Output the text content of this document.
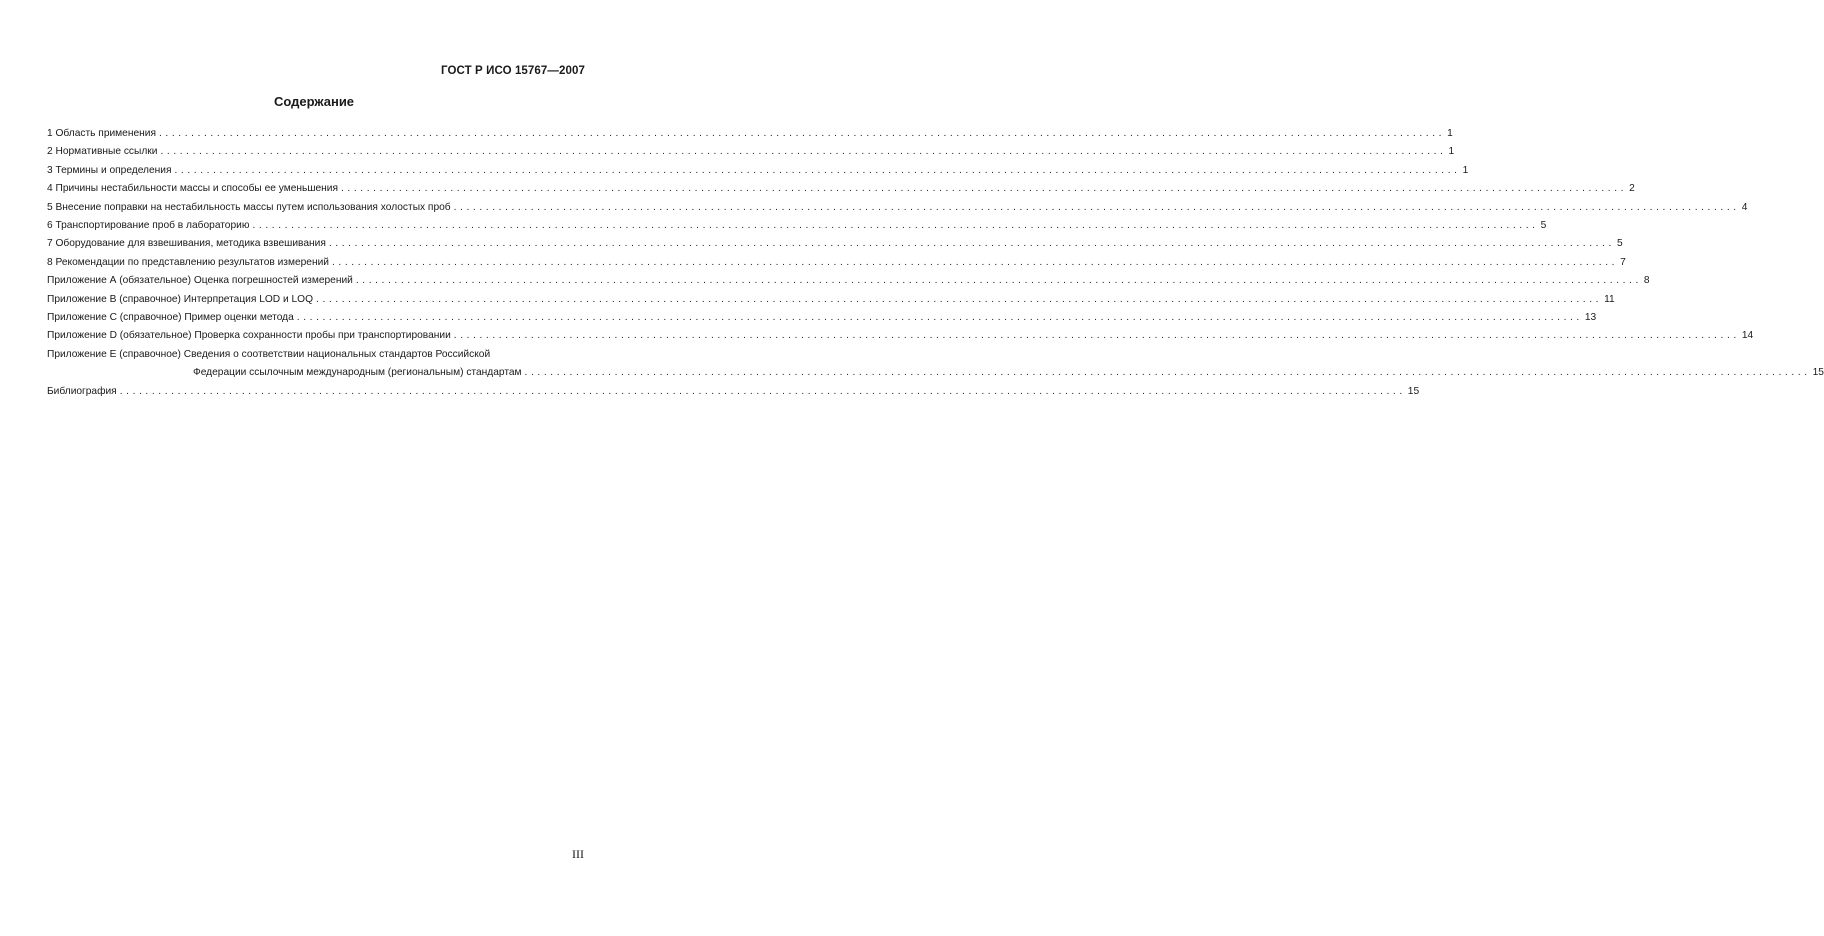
ГОСТ Р ИСО 15767—2007
Содержание
1 Область применения ........................................................................................................................................................................................................ 1
2 Нормативные ссылки ........................................................................................................................................................................................................ 1
3 Термины и определения ........................................................................................................................................................................................................ 1
4 Причины нестабильности массы и способы ее уменьшения ........................................................................................................................................................................................................ 2
5 Внесение поправки на нестабильность массы путем использования холостых проб ........................................................................................................................................................................................................ 4
6 Транспортирование проб в лабораторию ........................................................................................................................................................................................................ 5
7 Оборудование для взвешивания, методика взвешивания ........................................................................................................................................................................................................ 5
8 Рекомендации по представлению результатов измерений ........................................................................................................................................................................................................ 7
Приложение А (обязательное) Оценка погрешностей измерений ........................................................................................................................................................................................................ 8
Приложение В (справочное) Интерпретация LOD и LOQ ........................................................................................................................................................................................................ 11
Приложение С (справочное) Пример оценки метода ........................................................................................................................................................................................................ 13
Приложение D (обязательное) Проверка сохранности пробы при транспортировании ........................................................................................................................................................................................................ 14
Приложение Е (справочное) Сведения о соответствии национальных стандартов Российской
Федерации ссылочным международным (региональным) стандартам ........................................................................................................................................................................................................ 15
Библиография ........................................................................................................................................................................................................ 15
III
